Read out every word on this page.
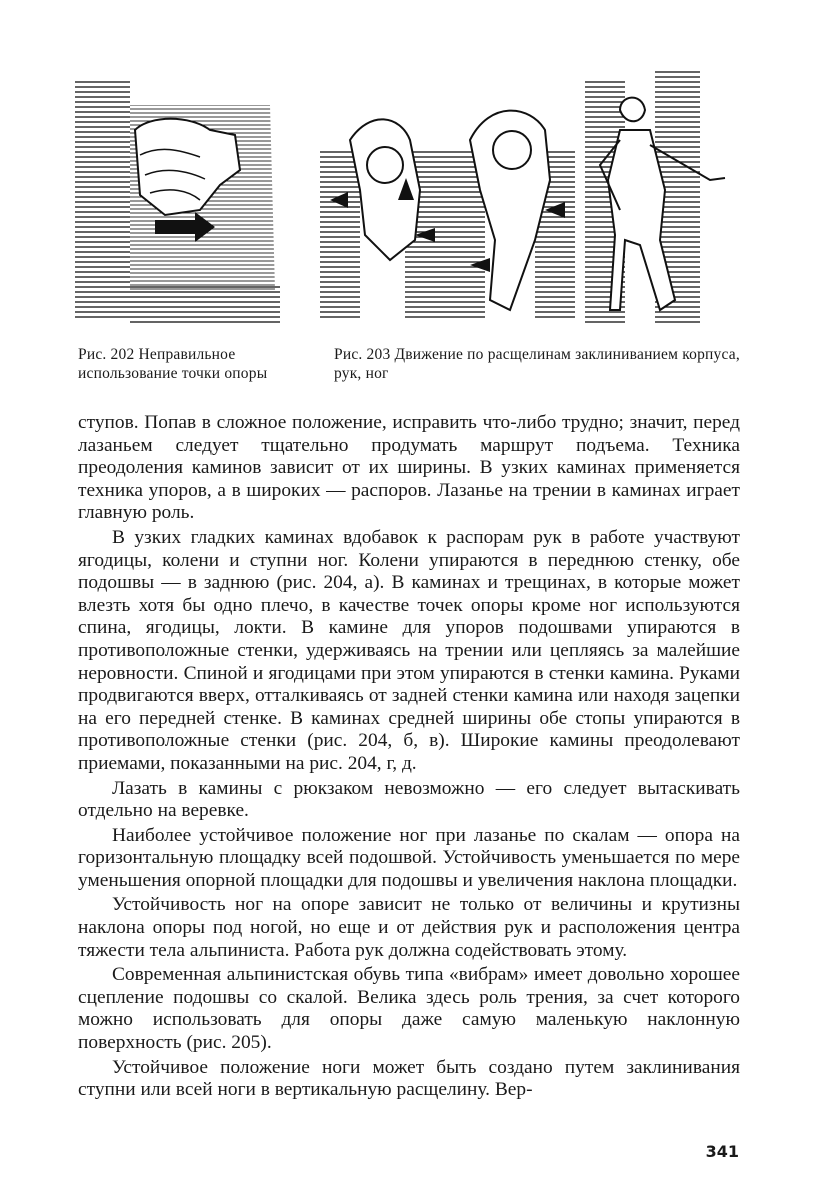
Рис. 202 Неправильное использование точки опоры
Рис. 203 Движение по расщелинам заклиниванием корпуса, рук, ног

ступов. Попав в сложное положение, исправить что-либо трудно; значит, перед лазаньем следует тщательно продумать маршрут подъема. Техника преодоления каминов зависит от их ширины. В узких каминах применяется техника упоров, а в широких — распоров. Лазанье на трении в каминах играет главную роль.

В узких гладких каминах вдобавок к распорам рук в работе участвуют ягодицы, колени и ступни ног. Колени упираются в переднюю стенку, обе подошвы — в заднюю (рис. 204, а). В каминах и трещинах, в которые может влезть хотя бы одно плечо, в качестве точек опоры кроме ног используются спина, ягодицы, локти. В камине для упоров подошвами упираются в противоположные стенки, удерживаясь на трении или цепляясь за малейшие неровности. Спиной и ягодицами при этом упираются в стенки камина. Руками продвигаются вверх, отталкиваясь от задней стенки камина или находя зацепки на его передней стенке. В каминах средней ширины обе стопы упираются в противоположные стенки (рис. 204, б, в). Широкие камины преодолевают приемами, показанными на рис. 204, г, д.

Лазать в камины с рюкзаком невозможно — его следует вытаскивать отдельно на веревке.

Наиболее устойчивое положение ног при лазанье по скалам — опора на горизонтальную площадку всей подошвой. Устойчивость уменьшается по мере уменьшения опорной площадки для подошвы и увеличения наклона площадки.

Устойчивость ног на опоре зависит не только от величины и крутизны наклона опоры под ногой, но еще и от действия рук и расположения центра тяжести тела альпиниста. Работа рук должна содействовать этому.

Современная альпинистская обувь типа «вибрам» имеет довольно хорошее сцепление подошвы со скалой. Велика здесь роль трения, за счет которого можно использовать для опоры даже самую маленькую наклонную поверхность (рис. 205).

Устойчивое положение ноги может быть создано путем заклинивания ступни или всей ноги в вертикальную расщелину. Вер-

341
